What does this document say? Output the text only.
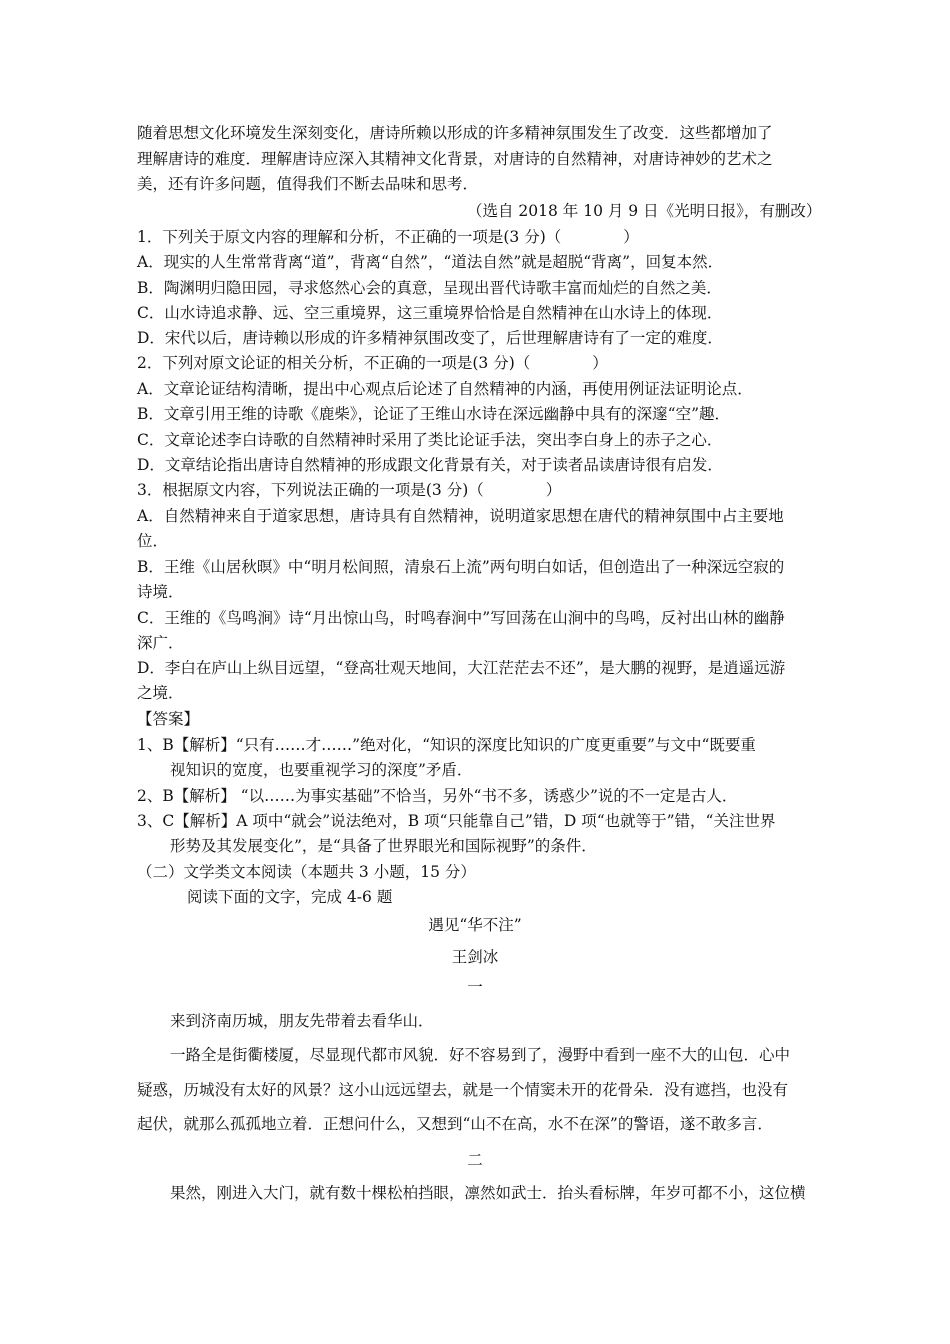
随着思想文化环境发生深刻变化，唐诗所赖以形成的许多精神氛围发生了改变．这些都增加了
理解唐诗的难度．理解唐诗应深入其精神文化背景，对唐诗的自然精神，对唐诗神妙的艺术之
美，还有许多问题，值得我们不断去品味和思考．
（选自 2018 年 10 月 9 日《光明日报》，有删改）
1．下列关于原文内容的理解和分析，不正确的一项是(3 分)（　　　　）
A．现实的人生常常背离“道”，背离“自然”，“道法自然”就是超脱“背离”，回复本然．
B．陶渊明归隐田园，寻求悠然心会的真意，呈现出晋代诗歌丰富而灿烂的自然之美．
C．山水诗追求静、远、空三重境界，这三重境界恰恰是自然精神在山水诗上的体现．
D．宋代以后，唐诗赖以形成的许多精神氛围改变了，后世理解唐诗有了一定的难度．
2．下列对原文论证的相关分析，不正确的一项是(3 分)（　　　　）
A．文章论证结构清晰，提出中心观点后论述了自然精神的内涵，再使用例证法证明论点．
B．文章引用王维的诗歌《鹿柴》，论证了王维山水诗在深远幽静中具有的深邃“空”趣．
C．文章论述李白诗歌的自然精神时采用了类比论证手法，突出李白身上的赤子之心．
D．文章结论指出唐诗自然精神的形成跟文化背景有关，对于读者品读唐诗很有启发．
3．根据原文内容，下列说法正确的一项是(3 分)（　　　　）
A．自然精神来自于道家思想，唐诗具有自然精神，说明道家思想在唐代的精神氛围中占主要地
位．
B．王维《山居秋暝》中“明月松间照，清泉石上流”两句明白如话，但创造出了一种深远空寂的
诗境．
C．王维的《鸟鸣涧》诗“月出惊山鸟，时鸣春涧中”写回荡在山涧中的鸟鸣，反衬出山林的幽静
深广．
D．李白在庐山上纵目远望，“登高壮观天地间，大江茫茫去不还”，是大鹏的视野，是逍遥远游
之境．
【答案】
1、B【解析】“只有……才……”绝对化，“知识的深度比知识的广度更重要”与文中“既要重
视知识的宽度，也要重视学习的深度”矛盾．
2、B【解析】 “以……为事实基础”不恰当，另外“书不多，诱惑少”说的不一定是古人．
3、C【解析】A 项中“就会”说法绝对，B 项“只能靠自己”错，D 项“也就等于”错，“关注世界
形势及其发展变化”，是“具备了世界眼光和国际视野”的条件．
（二）文学类文本阅读（本题共 3 小题，15 分）
阅读下面的文字，完成 4-6 题
遇见“华不注”
王剑冰
一
来到济南历城，朋友先带着去看华山．
一路全是街衢楼厦，尽显现代都市风貌．好不容易到了，漫野中看到一座不大的山包．心中
疑惑，历城没有太好的风景？这小山远远望去，就是一个情窦未开的花骨朵．没有遮挡，也没有
起伏，就那么孤孤地立着．正想问什么，又想到“山不在高，水不在深”的警语，遂不敢多言．
二
果然，刚进入大门，就有数十棵松柏挡眼，凛然如武士．抬头看标牌，年岁可都不小，这位横
